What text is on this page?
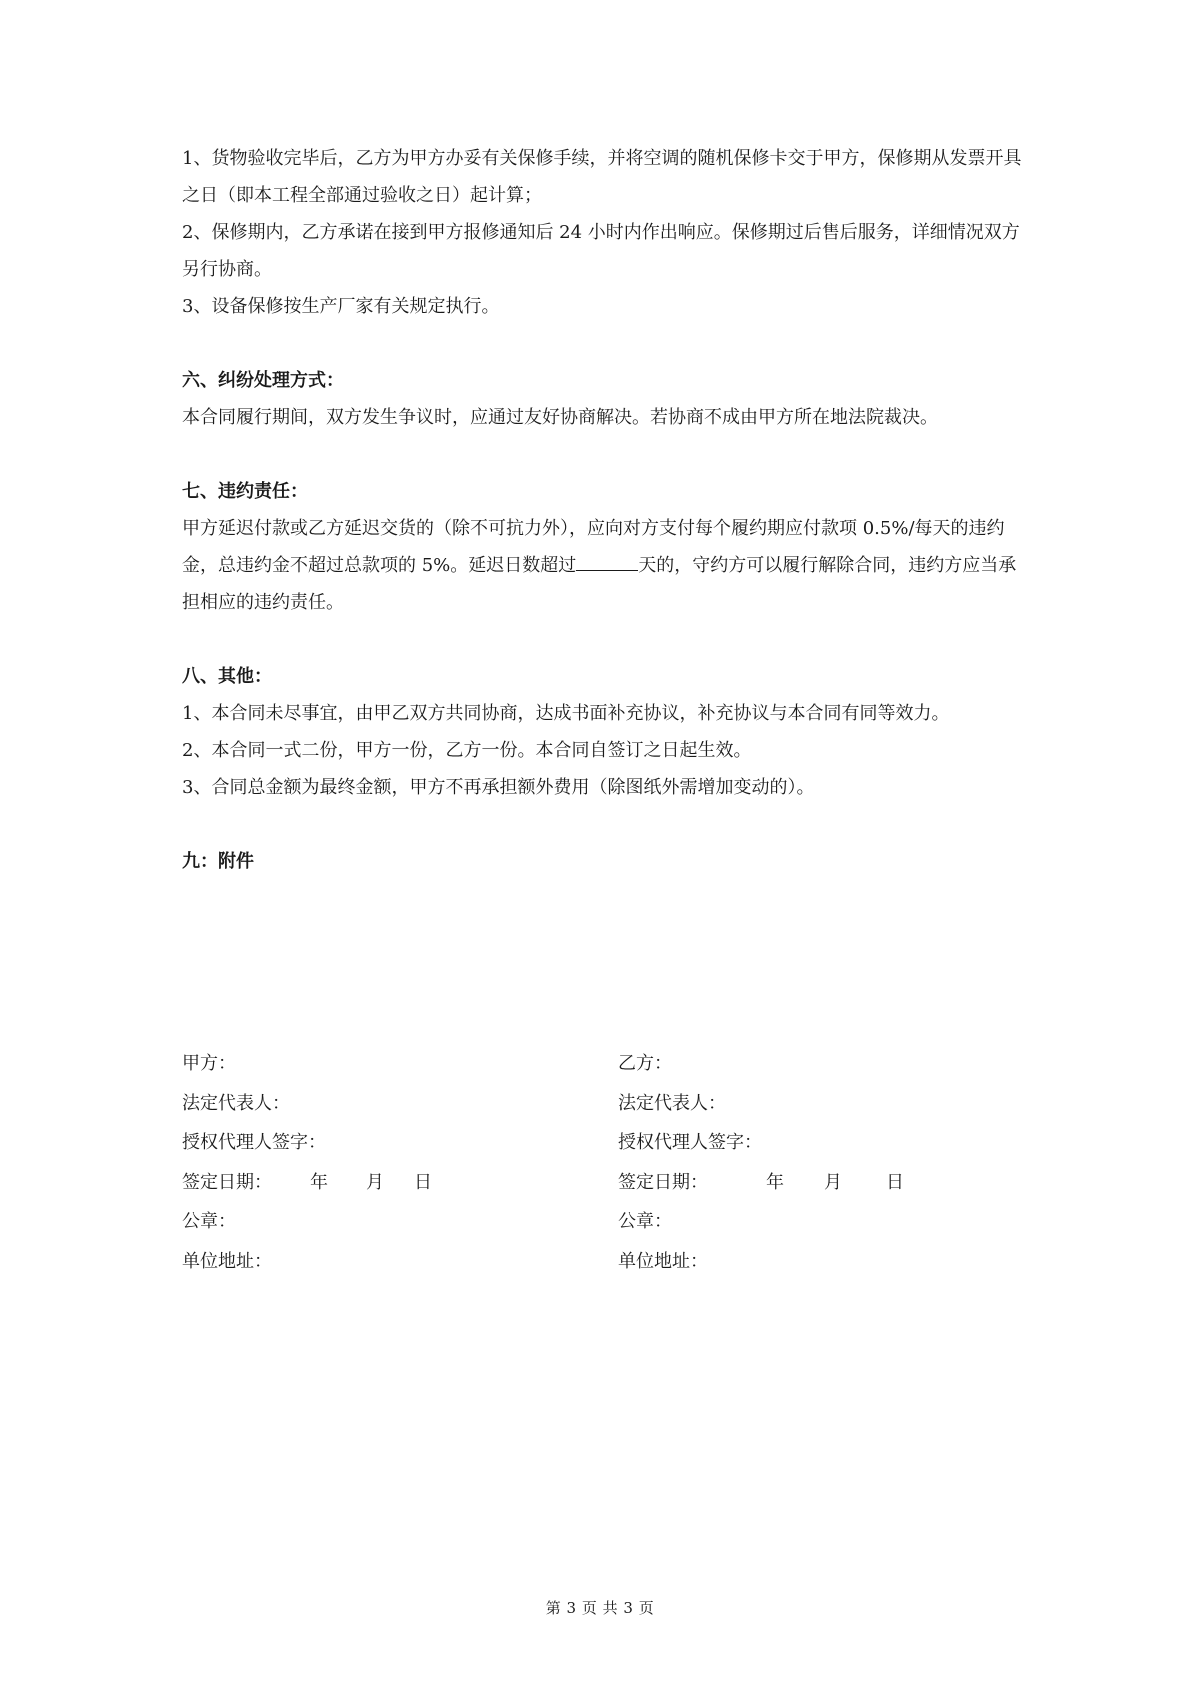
1、货物验收完毕后，乙方为甲方办妥有关保修手续，并将空调的随机保修卡交于甲方，保修期从发票开具之日（即本工程全部通过验收之日）起计算；

2、保修期内，乙方承诺在接到甲方报修通知后 24 小时内作出响应。保修期过后售后服务，详细情况双方另行协商。

3、设备保修按生产厂家有关规定执行。

六、纠纷处理方式：

本合同履行期间，双方发生争议时，应通过友好协商解决。若协商不成由甲方所在地法院裁决。

七、违约责任：

甲方延迟付款或乙方延迟交货的（除不可抗力外），应向对方支付每个履约期应付款项 0.5%/每天的违约金，总违约金不超过总款项的 5%。延迟日数超过	天的，守约方可以履行解除合同，违约方应当承担相应的违约责任。

八、其他：

1、本合同未尽事宜，由甲乙双方共同协商，达成书面补充协议，补充协议与本合同有同等效力。

2、本合同一式二份，甲方一份，乙方一份。本合同自签订之日起生效。

3、合同总金额为最终金额，甲方不再承担额外费用（除图纸外需增加变动的）。

九：附件

甲方：	乙方：
法定代表人：	法定代表人：
授权代理人签字：	授权代理人签字：
签定日期： 年 月 日	签定日期：	年 月 日
公章：	公章：
单位地址：	单位地址：
第 3 页 共 3 页
